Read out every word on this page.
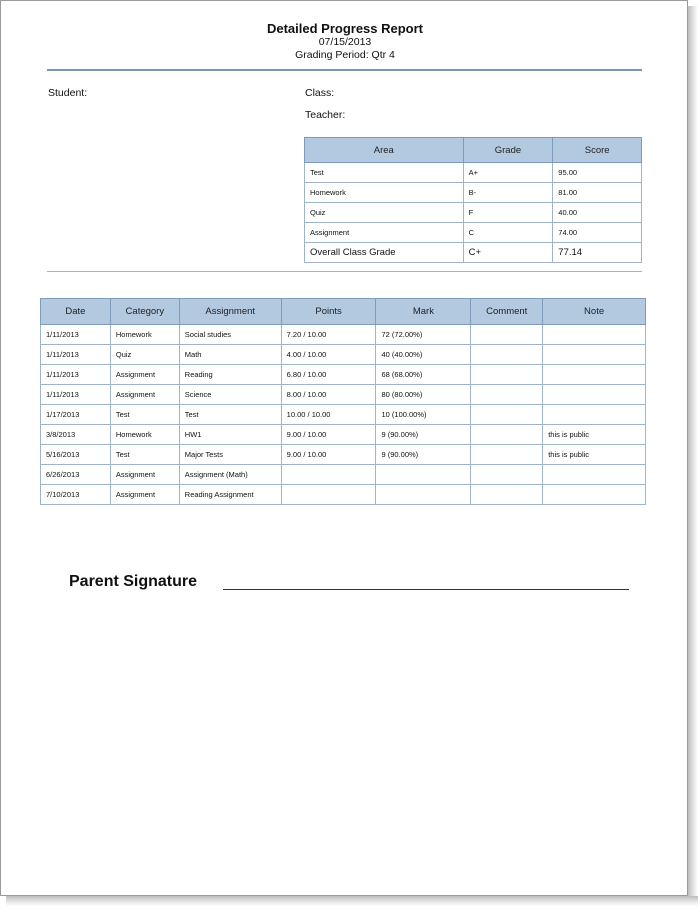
Detailed Progress Report
07/15/2013
Grading Period: Qtr 4
Student:	Class:
Teacher:
Area	Grade	Score
Test	A+	95.00
Homework	B-	81.00
Quiz	F	40.00
Assignment	C	74.00
Overall Class Grade	C+	77.14
Date	Category	Assignment	Points	Mark	Comment	Note
1/11/2013	Homework	Social studies	7.20 / 10.00	72 (72.00%)		
1/11/2013	Quiz	Math	4.00 / 10.00	40 (40.00%)		
1/11/2013	Assignment	Reading	6.80 / 10.00	68 (68.00%)		
1/11/2013	Assignment	Science	8.00 / 10.00	80 (80.00%)		
1/17/2013	Test	Test	10.00 / 10.00	10 (100.00%)		
3/8/2013	Homework	HW1	9.00 / 10.00	9 (90.00%)		this is public
5/16/2013	Test	Major Tests	9.00 / 10.00	9 (90.00%)		this is public
6/26/2013	Assignment	Assignment (Math)				
7/10/2013	Assignment	Reading Assignment				
Parent Signature
